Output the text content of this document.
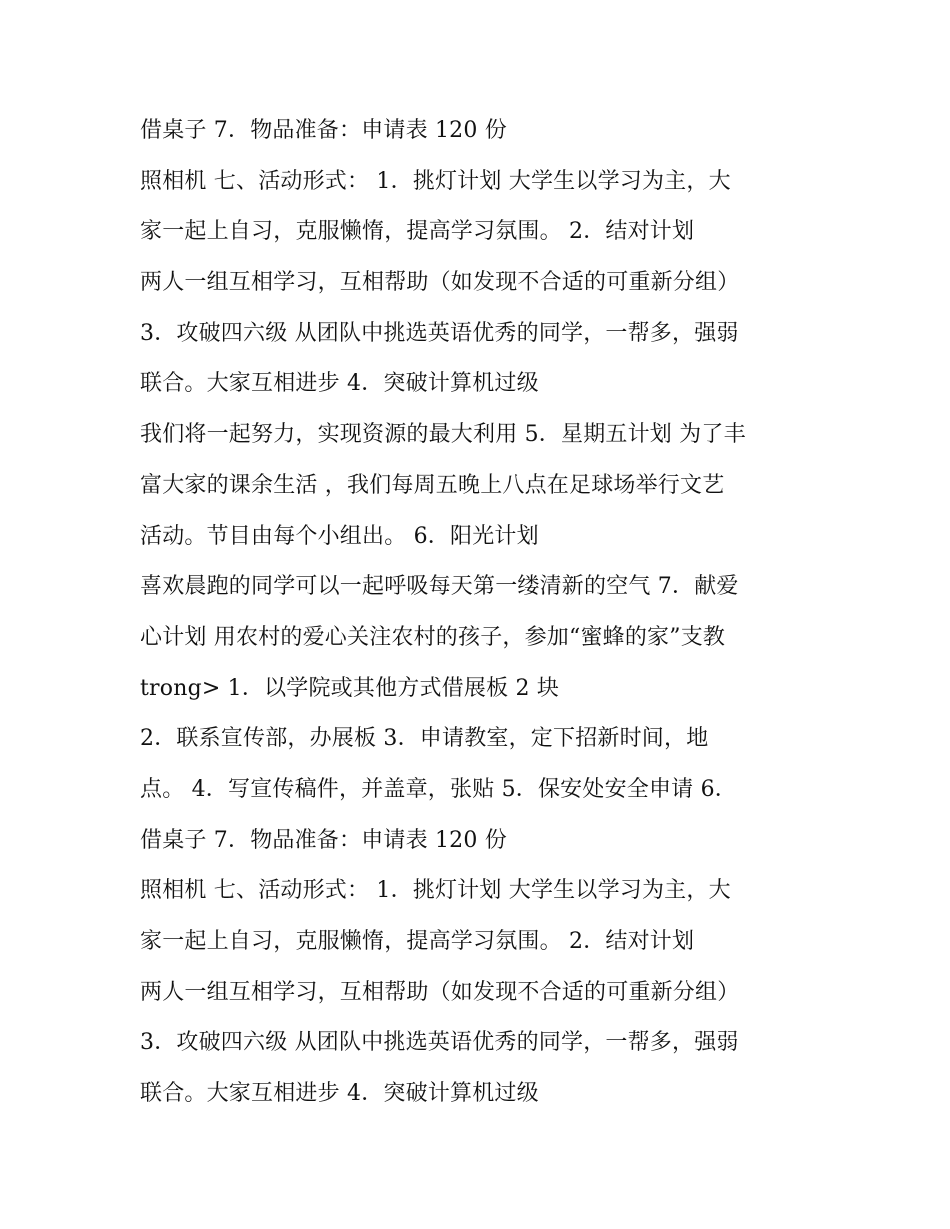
借桌子 7．物品准备：申请表 120 份
照相机 七、活动形式： 1．挑灯计划 大学生以学习为主，大
家一起上自习，克服懒惰，提高学习氛围。 2．结对计划
两人一组互相学习，互相帮助（如发现不合适的可重新分组）
3．攻破四六级 从团队中挑选英语优秀的同学，一帮多，强弱
联合。大家互相进步 4．突破计算机过级
我们将一起努力，实现资源的最大利用 5．星期五计划 为了丰
富大家的课余生活 ，我们每周五晚上八点在足球场举行文艺
活动。节目由每个小组出。 6．阳光计划
喜欢晨跑的同学可以一起呼吸每天第一缕清新的空气 7．献爱
心计划 用农村的爱心关注农村的孩子，参加“蜜蜂的家”支教
trong> 1．以学院或其他方式借展板 2 块
2．联系宣传部，办展板 3．申请教室，定下招新时间，地
点。 4．写宣传稿件，并盖章，张贴 5．保安处安全申请 6．
借桌子 7．物品准备：申请表 120 份
照相机 七、活动形式： 1．挑灯计划 大学生以学习为主，大
家一起上自习，克服懒惰，提高学习氛围。 2．结对计划
两人一组互相学习，互相帮助（如发现不合适的可重新分组）
3．攻破四六级 从团队中挑选英语优秀的同学，一帮多，强弱
联合。大家互相进步 4．突破计算机过级
